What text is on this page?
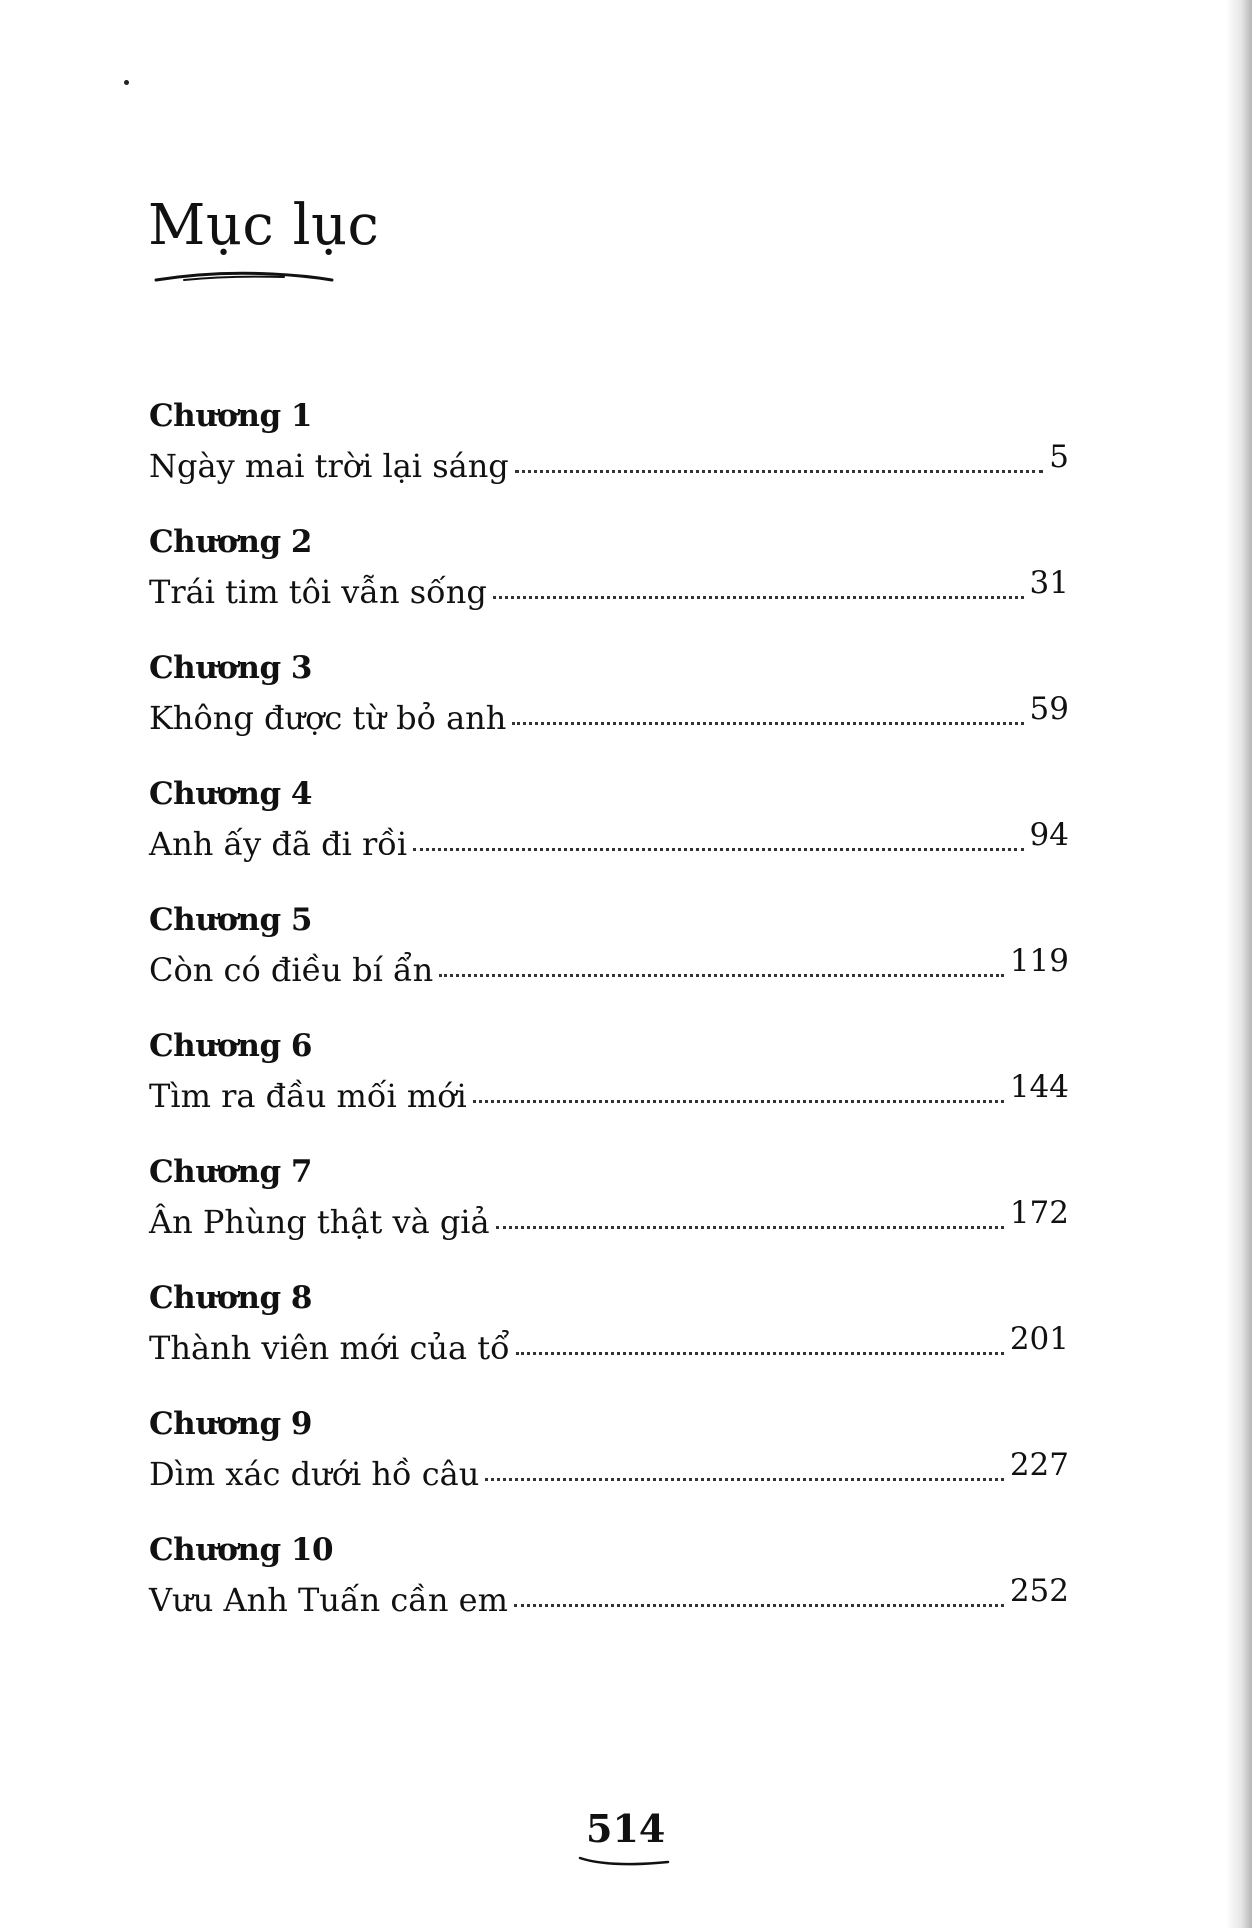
Mục lục
Chương 1
Ngày mai trời lại sáng	5
Chương 2
Trái tim tôi vẫn sống	31
Chương 3
Không được từ bỏ anh	59
Chương 4
Anh ấy đã đi rồi	94
Chương 5
Còn có điều bí ẩn	119
Chương 6
Tìm ra đầu mối mới	144
Chương 7
Ân Phùng thật và giả	172
Chương 8
Thành viên mới của tổ	201
Chương 9
Dìm xác dưới hồ câu	227
Chương 10
Vưu Anh Tuấn cần em	252
514
